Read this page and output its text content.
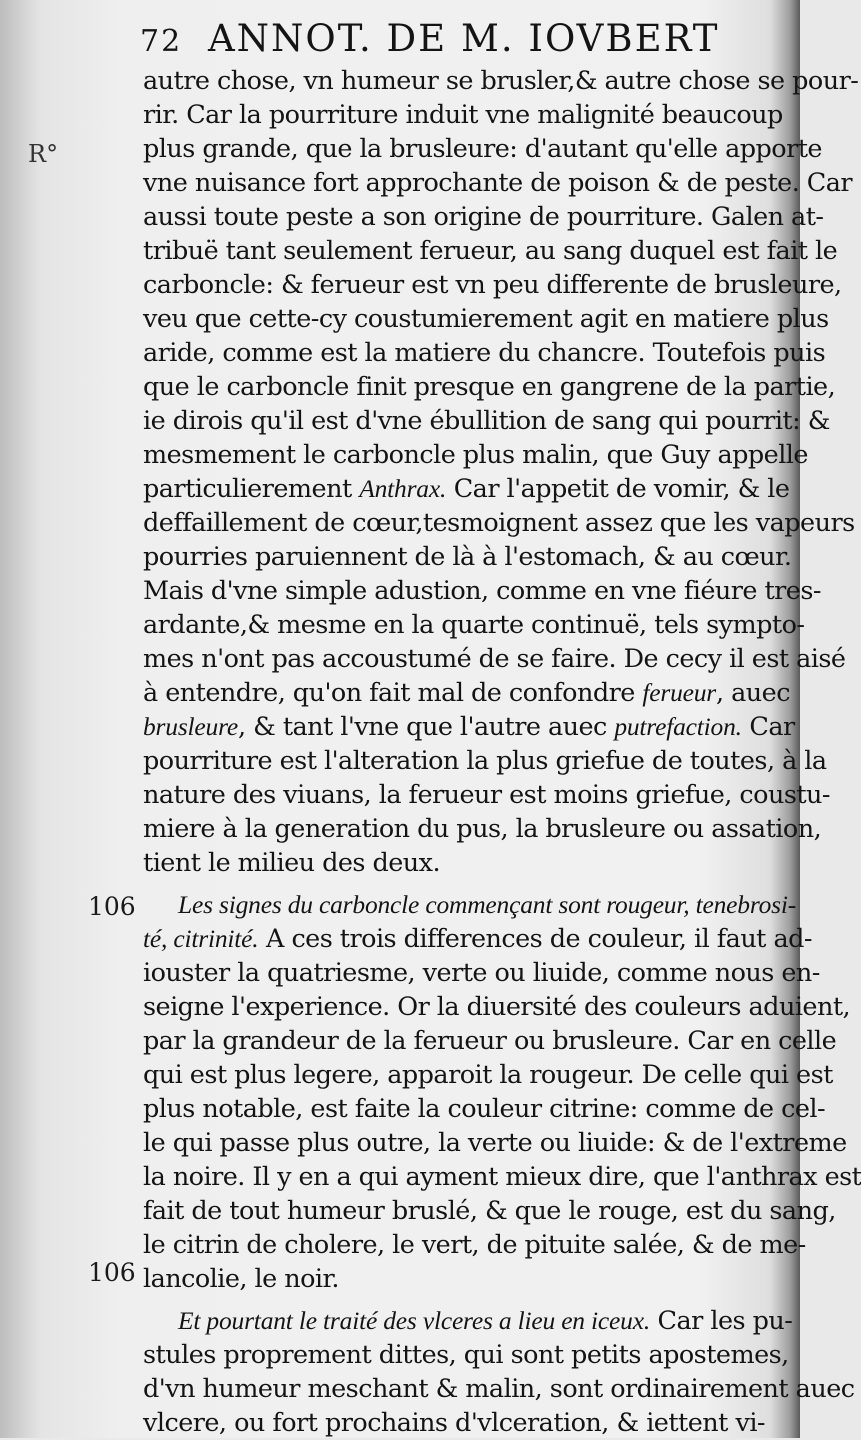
72 ANNOT. DE M. IOVBERT
R°
106
106
autre chose, vn humeur se brusler,& autre chose se pour-
rir. Car la pourriture induit vne malignité beaucoup
plus grande, que la brusleure: d'autant qu'elle apporte
vne nuisance fort approchante de poison & de peste. Car
aussi toute peste a son origine de pourriture. Galen at-
tribuë tant seulement ferueur, au sang duquel est fait le
carboncle: & ferueur est vn peu differente de brusleure,
veu que cette-cy coustumierement agit en matiere plus
aride, comme est la matiere du chancre. Toutefois puis
que le carboncle finit presque en gangrene de la partie,
ie dirois qu'il est d'vne ébullition de sang qui pourrit: &
mesmement le carboncle plus malin, que Guy appelle
particulierement Anthrax. Car l'appetit de vomir, & le
deffaillement de cœur,tesmoignent assez que les vapeurs
pourries paruiennent de là à l'estomach, & au cœur.
Mais d'vne simple adustion, comme en vne fiéure tres-
ardante,& mesme en la quarte continuë, tels sympto-
mes n'ont pas accoustumé de se faire. De cecy il est aisé
à entendre, qu'on fait mal de confondre ferueur, auec
brusleure, & tant l'vne que l'autre auec putrefaction. Car
pourriture est l'alteration la plus griefue de toutes, à la
nature des viuans, la ferueur est moins griefue, coustu-
miere à la generation du pus, la brusleure ou assation,
tient le milieu des deux.
Les signes du carboncle commençant sont rougeur, tenebrosi-
té, citrinité. A ces trois differences de couleur, il faut ad-
iouster la quatriesme, verte ou liuide, comme nous en-
seigne l'experience. Or la diuersité des couleurs aduient,
par la grandeur de la ferueur ou brusleure. Car en celle
qui est plus legere, apparoit la rougeur. De celle qui est
plus notable, est faite la couleur citrine: comme de cel-
le qui passe plus outre, la verte ou liuide: & de l'extreme
la noire. Il y en a qui ayment mieux dire, que l'anthrax est
fait de tout humeur bruslé, & que le rouge, est du sang,
le citrin de cholere, le vert, de pituite salée, & de me-
lancolie, le noir.
Et pourtant le traité des vlceres a lieu en iceux. Car les pu-
stules proprement dittes, qui sont petits apostemes,
d'vn humeur meschant & malin, sont ordinairement auec
vlcere, ou fort prochains d'vlceration, & iettent vi-
